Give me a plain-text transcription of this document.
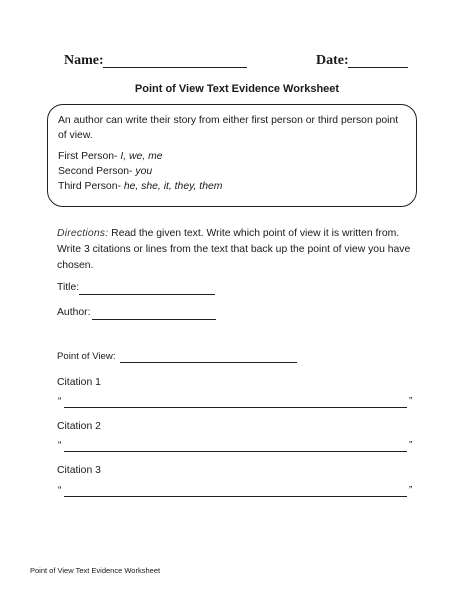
Name:	Date:
Point of View Text Evidence Worksheet

An author can write their story from either first person or third person point of view.

First Person- I, we, me

Second Person- you

Third Person- he, she, it, they, them

Directions: Read the given text. Write which point of view it is written from. Write 3 citations or lines from the text that back up the point of view you have chosen.
Title:
Author:
Point of View:
Citation 1
“	”
Citation 2
“	”
Citation 3
“	”
Point of View Text Evidence Worksheet
